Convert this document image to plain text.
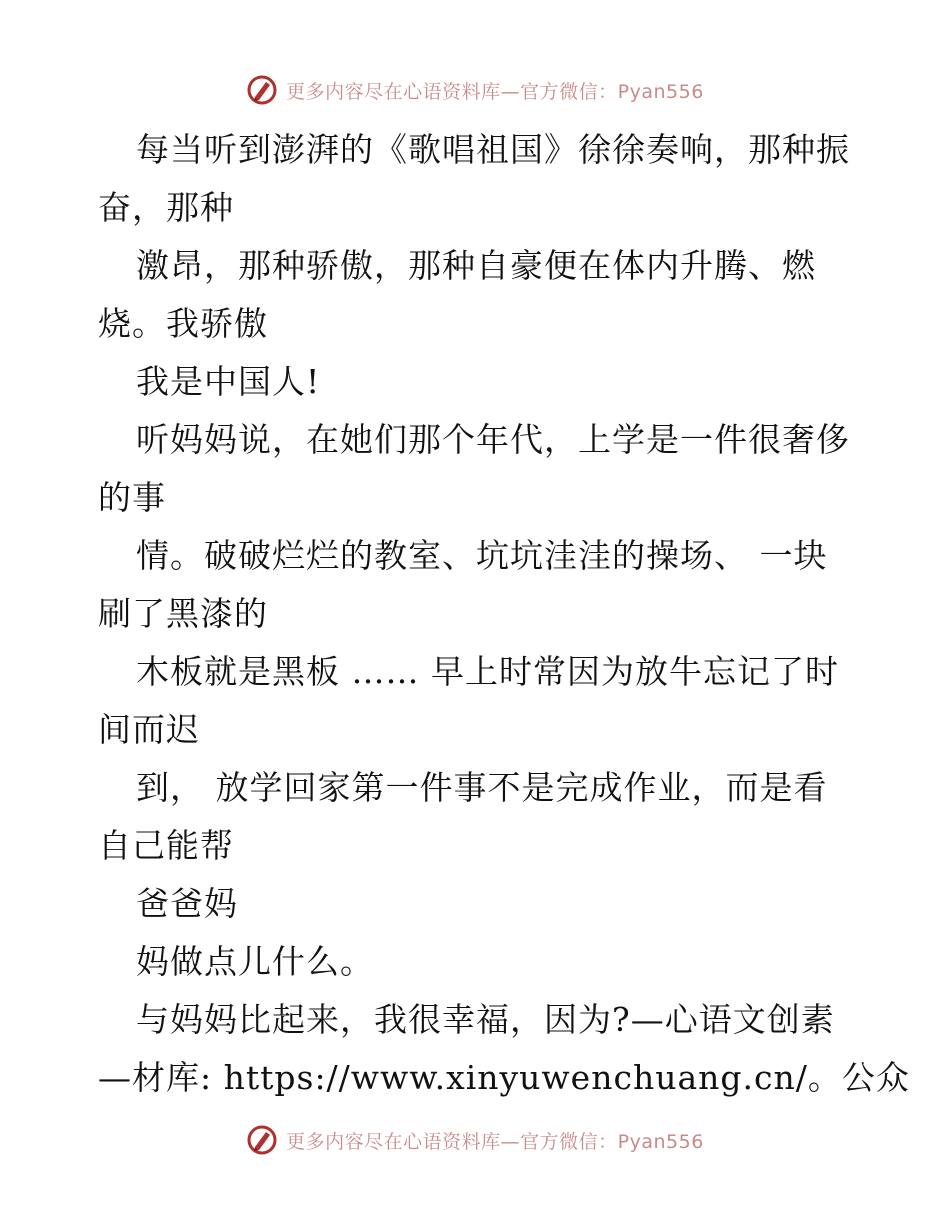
更多内容尽在心语资料库—官方微信：Pyan556
每当听到澎湃的《歌唱祖国》徐徐奏响，那种振
奋，那种
激昂，那种骄傲，那种自豪便在体内升腾、燃
烧。我骄傲
我是中国人!
听妈妈说，在她们那个年代，上学是一件很奢侈
的事
情。破破烂烂的教室、坑坑洼洼的操场、 一块
刷了黑漆的
木板就是黑板 …… 早上时常因为放牛忘记了时
间而迟
到， 放学回家第一件事不是完成作业，而是看
自己能帮
爸爸妈
妈做点儿什么。
与妈妈比起来，我很幸福，因为?—心语文创素
—材库: https://www.xinyuwenchuang.cn/。公众
更多内容尽在心语资料库—官方微信：Pyan556
